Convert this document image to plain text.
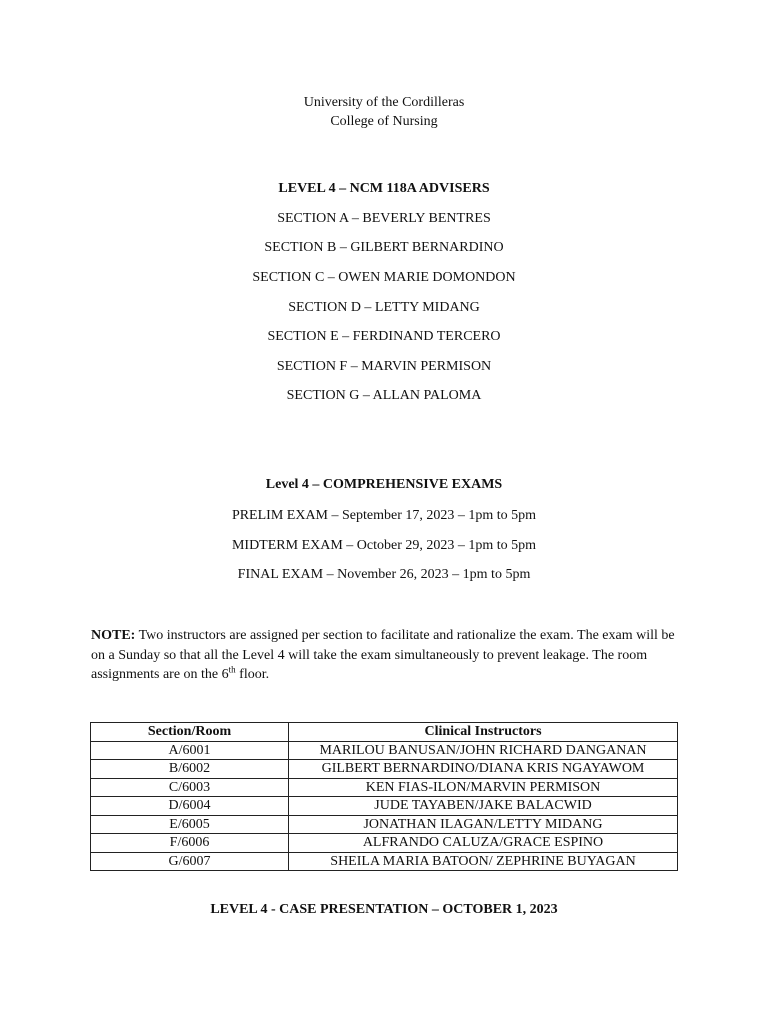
University of the Cordilleras
College of Nursing
LEVEL 4 – NCM 118A ADVISERS
SECTION A – BEVERLY BENTRES
SECTION B – GILBERT BERNARDINO
SECTION C – OWEN MARIE DOMONDON
SECTION D – LETTY MIDANG
SECTION E – FERDINAND TERCERO
SECTION F – MARVIN PERMISON
SECTION G – ALLAN PALOMA
Level 4 – COMPREHENSIVE EXAMS
PRELIM EXAM – September 17, 2023 – 1pm to 5pm
MIDTERM EXAM – October 29, 2023 – 1pm to 5pm
FINAL EXAM – November 26, 2023 – 1pm to 5pm
NOTE: Two instructors are assigned per section to facilitate and rationalize the exam. The exam will be on a Sunday so that all the Level 4 will take the exam simultaneously to prevent leakage. The room assignments are on the 6th floor.
Section/Room	Clinical Instructors
A/6001	MARILOU BANUSAN/JOHN RICHARD DANGANAN
B/6002	GILBERT BERNARDINO/DIANA KRIS NGAYAWOM
C/6003	KEN FIAS-ILON/MARVIN PERMISON
D/6004	JUDE TAYABEN/JAKE BALACWID
E/6005	JONATHAN ILAGAN/LETTY MIDANG
F/6006	ALFRANDO CALUZA/GRACE ESPINO
G/6007	SHEILA MARIA BATOON/ ZEPHRINE BUYAGAN
LEVEL 4 - CASE PRESENTATION – OCTOBER 1, 2023
